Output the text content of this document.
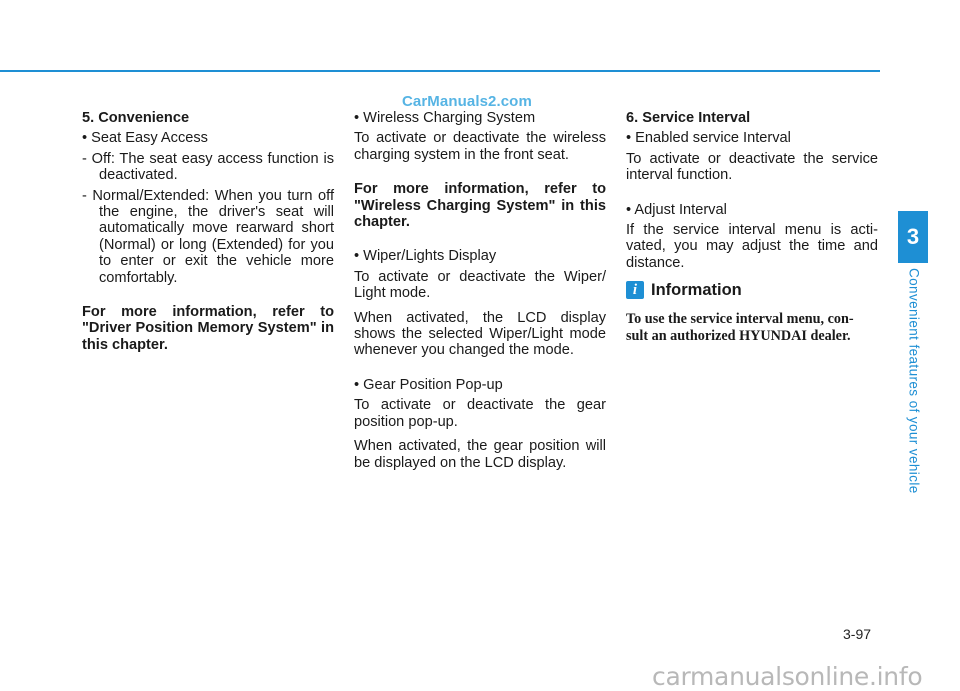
CarManuals2.com

5. Convenience

• Seat Easy Access

- Off: The seat easy access function is deactivated.

- Normal/Extended: When you turn off the engine, the driver's seat will automatically move rearward short (Normal) or long (Extended) for you to enter or exit the vehicle more comfortably.

For more information, refer to "Driver Position Memory System" in this chapter.

• Wireless Charging System

To activate or deactivate the wireless charging system in the front seat.

For more information, refer to "Wireless Charging System" in this chapter.

• Wiper/Lights Display

To activate or deactivate the Wiper/ Light mode.

When activated, the LCD display shows the selected Wiper/Light mode whenever you changed the mode.

• Gear Position Pop-up

To activate or deactivate the gear position pop-up.

When activated, the gear position will be displayed on the LCD display.

6. Service Interval

• Enabled service Interval

To activate or deactivate the service interval function.

• Adjust Interval

If the service interval menu is acti- vated, you may adjust the time and distance.

i Information

To use the service interval menu, con- sult an authorized HYUNDAI dealer.

3
Convenient features of your vehicle
3-97
carmanualsonline.info
